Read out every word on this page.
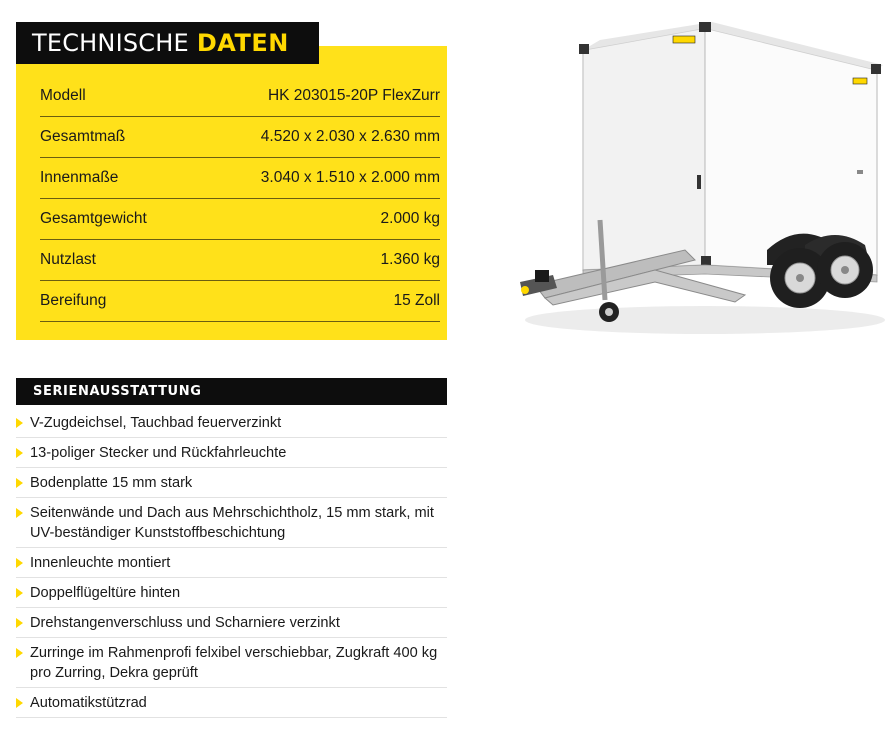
Modell	HK 203015-20P FlexZurr
Gesamtmaß	4.520 x 2.030 x 2.630 mm
Innenmaße	3.040 x 1.510 x 2.000 mm
Gesamtgewicht	2.000 kg
Nutzlast	1.360 kg
Bereifung	15 Zoll
TECHNISCHE DATEN
SERIENAUSSTATTUNG
V-Zugdeichsel, Tauchbad feuerverzinkt
13-poliger Stecker und Rückfahrleuchte
Bodenplatte 15 mm stark
Seitenwände und Dach aus Mehrschichtholz, 15 mm stark, mit UV-beständiger Kunststoffbeschichtung
Innenleuchte montiert
Doppelflügeltüre hinten
Drehstangenverschluss und Scharniere verzinkt
Zurringe im Rahmenprofi felxibel verschiebbar, Zugkraft 400 kg pro Zurring, Dekra geprüft
Automatikstützrad
